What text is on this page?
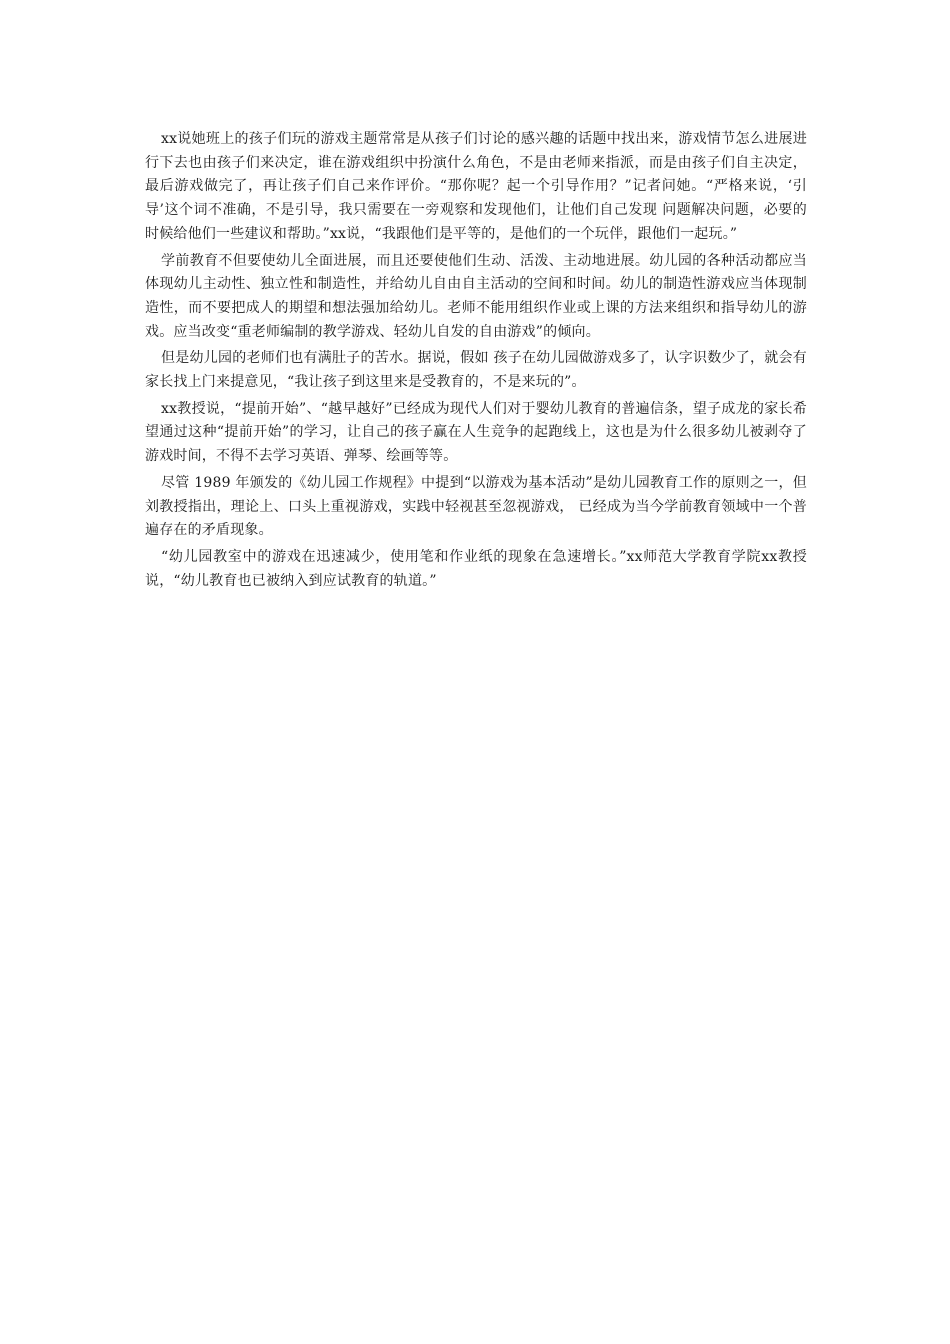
xx说她班上的孩子们玩的游戏主题常常是从孩子们讨论的感兴趣的话题中找出来，游戏情节怎么进展进行下去也由孩子们来决定，谁在游戏组织中扮演什么角色，不是由老师来指派，而是由孩子们自主决定，最后游戏做完了，再让孩子们自己来作评价。“那你呢？起一个引导作用？”记者问她。“严格来说，‘引导’这个词不准确，不是引导，我只需要在一旁观察和发现他们，让他们自己发现 问题解决问题，必要的时候给他们一些建议和帮助。”xx说，“我跟他们是平等的，是他们的一个玩伴，跟他们一起玩。”

学前教育不但要使幼儿全面进展，而且还要使他们生动、活泼、主动地进展。幼儿园的各种活动都应当体现幼儿主动性、独立性和制造性，并给幼儿自由自主活动的空间和时间。幼儿的制造性游戏应当体现制造性，而不要把成人的期望和想法强加给幼儿。老师不能用组织作业或上课的方法来组织和指导幼儿的游戏。应当改变“重老师编制的教学游戏、轻幼儿自发的自由游戏”的倾向。

但是幼儿园的老师们也有满肚子的苦水。据说，假如 孩子在幼儿园做游戏多了，认字识数少了，就会有家长找上门来提意见，“我让孩子到这里来是受教育的，不是来玩的”。

xx教授说，“提前开始”、“越早越好”已经成为现代人们对于婴幼儿教育的普遍信条，望子成龙的家长希望通过这种“提前开始”的学习，让自己的孩子赢在人生竞争的起跑线上，这也是为什么很多幼儿被剥夺了游戏时间，不得不去学习英语、弹琴、绘画等等。

尽管 1989 年颁发的《幼儿园工作规程》中提到“以游戏为基本活动”是幼儿园教育工作的原则之一，但刘教授指出，理论上、口头上重视游戏，实践中轻视甚至忽视游戏， 已经成为当今学前教育领域中一个普遍存在的矛盾现象。

“幼儿园教室中的游戏在迅速减少，使用笔和作业纸的现象在急速增长。”xx师范大学教育学院xx教授说，“幼儿教育也已被纳入到应试教育的轨道。”
